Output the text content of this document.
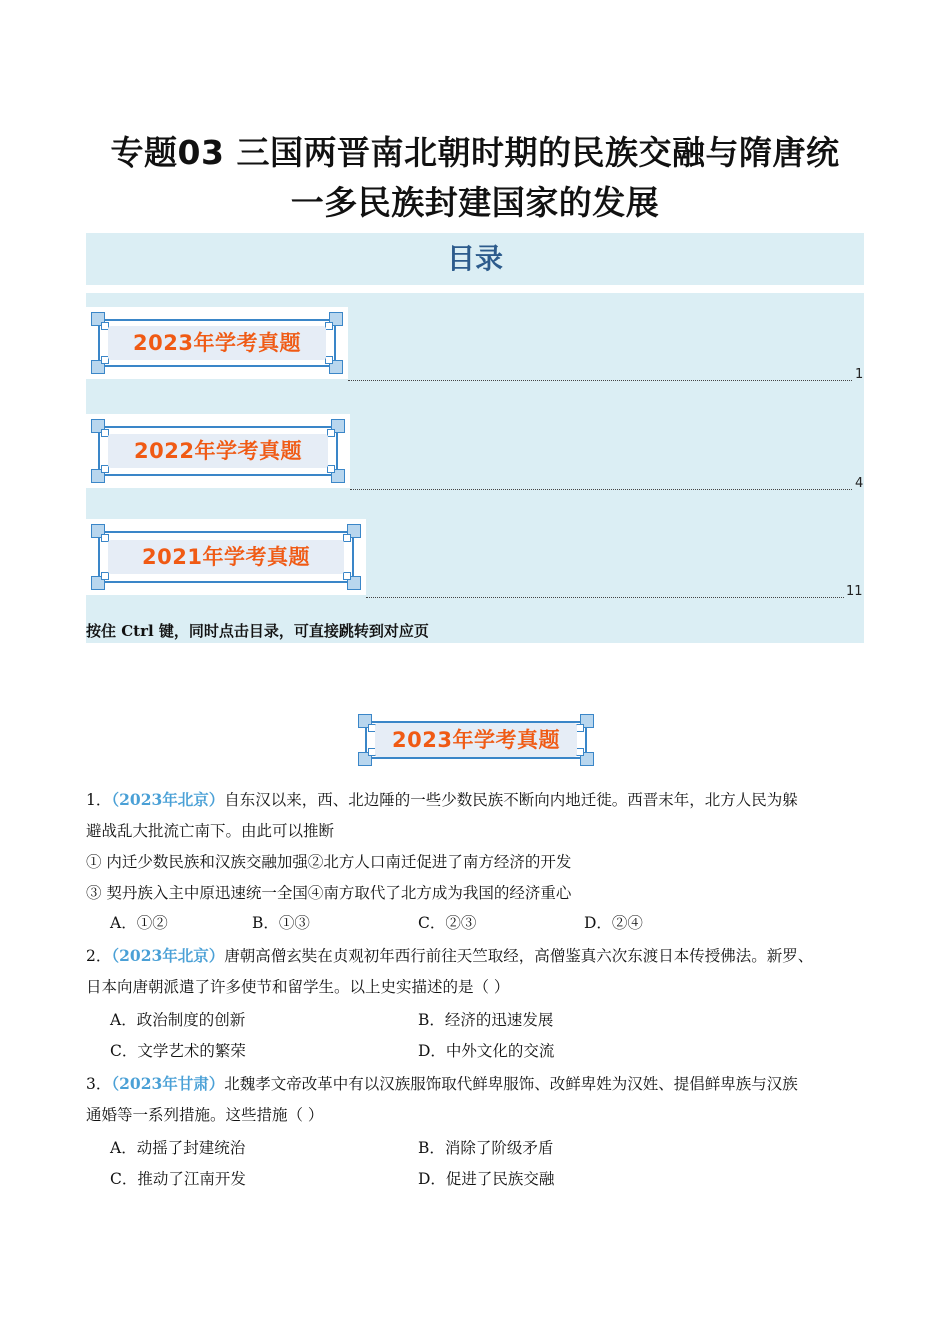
专题03 三国两晋南北朝时期的民族交融与隋唐统
一多民族封建国家的发展
目录
2023年学考真题
1
2022年学考真题
4
2021年学考真题
11
按住 Ctrl 键，同时点击目录，可直接跳转到对应页
2023年学考真题
1．（2023年北京）自东汉以来，西、北边陲的一些少数民族不断向内地迁徙。西晋末年，北方人民为躲
避战乱大批流亡南下。由此可以推断
① 内迁少数民族和汉族交融加强②北方人口南迁促进了南方经济的开发
③ 契丹族入主中原迅速统一全国④南方取代了北方成为我国的经济重心
A．①②	B．①③	C．②③	D．②④
2．（2023年北京）唐朝高僧玄奘在贞观初年西行前往天竺取经，高僧鉴真六次东渡日本传授佛法。新罗、
日本向唐朝派遣了许多使节和留学生。以上史实描述的是（ ）
A．政治制度的创新	B．经济的迅速发展
C．文学艺术的繁荣	D．中外文化的交流
3．（2023年甘肃）北魏孝文帝改革中有以汉族服饰取代鲜卑服饰、改鲜卑姓为汉姓、提倡鲜卑族与汉族
通婚等一系列措施。这些措施（ ）
A．动摇了封建统治	B．消除了阶级矛盾
C．推动了江南开发	D．促进了民族交融
